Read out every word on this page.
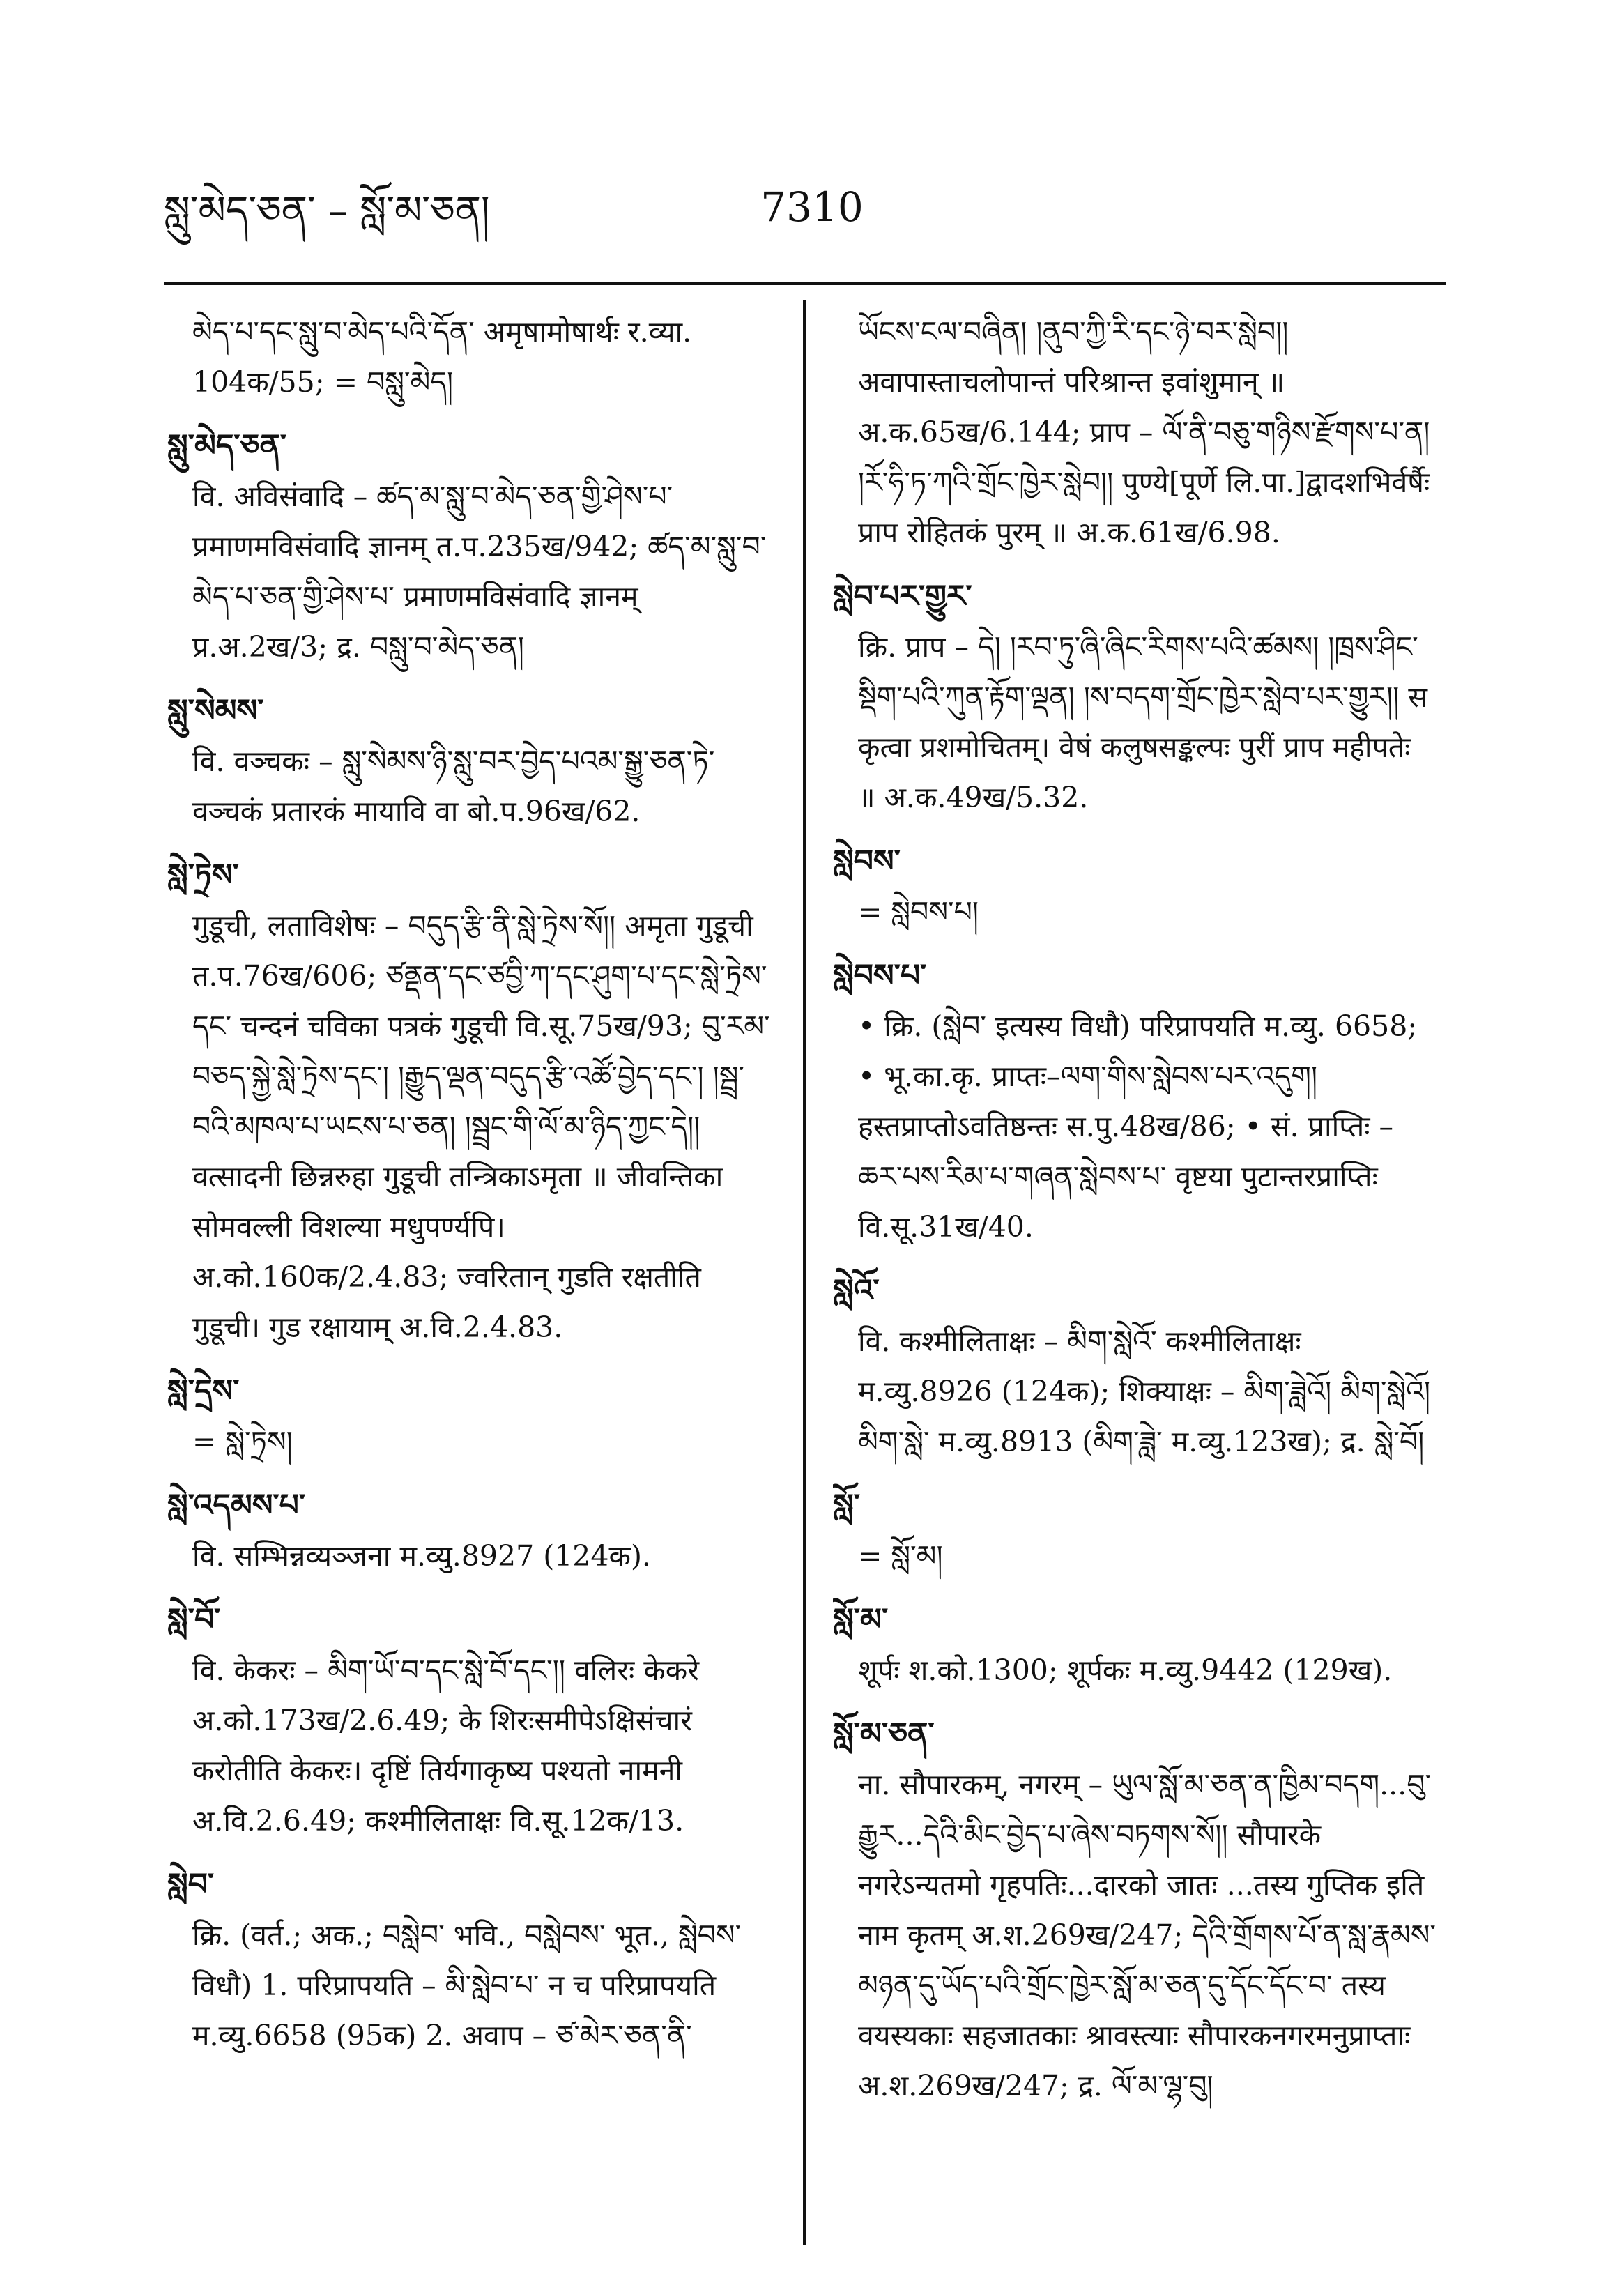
སླུ་མེད་ཅན་ – སློ་མ་ཅན།	7310
མེད་པ་དང་སླུ་བ་མེད་པའི་དོན་ अमृषामोषार्थः र.व्या. 104क/55; = བསླུ་མེད།
སླུ་མེད་ཅན་
वि. अविसंवादि – ཚད་མ་སླུ་བ་མེད་ཅན་གྱི་ཤེས་པ་ प्रमाणमविसंवादि ज्ञानम् त.प.235ख/942; ཚད་མ་སླུ་བ་མེད་པ་ཅན་གྱི་ཤེས་པ་ प्रमाणमविसंवादि ज्ञानम् प्र.अ.2ख/3; द्र. བསླུ་བ་མེད་ཅན།
སླུ་སེམས་
वि. वञ्चकः – སླུ་སེམས་ཉི་སླུ་བར་བྱེད་པའམ་སྒྱུ་ཅན་ཏེ་ वञ्चकं प्रतारकं मायावि वा बो.प.96ख/62.
སླེ་ཏྲེས་
गुडूची, लताविशेषः – བདུད་རྩི་ནི་སླེ་ཏྲེས་སོ།། अमृता गुडूची त.प.76ख/606; ཙནྡན་དང་ཙབྱི་ཀ་དང་ཤུག་པ་དང་སླེ་ཏྲེས་དང་ चन्दनं चविका पत्रकं गुडूची वि.सू.75ख/93; བུ་རམ་བཅད་སྐྱེ་སླེ་ཏྲེས་དང་། །རྒྱུད་ལྡན་བདུད་རྩི་འཚོ་བྱེད་དང་། །སྦྲ་བའི་མཁལ་པ་ཡངས་པ་ཅན། །སྦྲང་གི་ལོ་མ་ཉིད་ཀྱང་དེ།། वत्सादनी छिन्नरुहा गुडूची तन्त्रिकाऽमृता ॥ जीवन्तिका सोमवल्ली विशल्या मधुपर्ण्यपि। अ.को.160क/2.4.83; ज्वरितान् गुडति रक्षतीति गुडूची। गुड रक्षायाम् अ.वि.2.4.83.
སླེ་དྲེས་
= སླེ་ཏྲེས།
སླེ་འདམས་པ་
वि. सम्भिन्नव्यञ्जना म.व्यु.8927 (124क).
སླེ་བོ་
वि. केकरः – མིག་ཡོ་བ་དང་སླེ་བོ་དང་།། वलिरः केकरे अ.को.173ख/2.6.49; के शिरःसमीपेऽक्षिसंचारं करोतीति केकरः। दृष्टिं तिर्यगाकृष्य पश्यतो नामनी अ.वि.2.6.49; कश्मीलिताक्षः वि.सू.12क/13.
སླེབ་
क्रि. (वर्त.; अक.; བསླེབ་ भवि., བསླེབས་ भूत., སླེབས་ विधौ) 1. परिप्रापयति – མི་སླེབ་པ་ न च परिप्रापयति म.व्यु.6658 (95क) 2. अवाप – ཙ་མེར་ཅན་ནི་
ཡོངས་ངལ་བཞིན། །ནུབ་ཀྱི་རི་དང་ཉེ་བར་སླེབ།། अवापास्ताचलोपान्तं परिश्रान्त इवांशुमान् ॥ अ.क.65ख/6.144; प्राप – ལོ་ནི་བཅུ་གཉིས་རྫོགས་པ་ན། །རོ་ཧི་ཏ་ཀའི་གྲོང་ཁྱེར་སླེབ།། पुण्ये[पूर्णे लि.पा.]द्वादशभिर्वर्षैः प्राप रोहितकं पुरम् ॥ अ.क.61ख/6.98.
སླེབ་པར་གྱུར་
क्रि. प्राप – དེ། །རབ་ཏུ་ཞི་ཞིང་རིགས་པའི་ཚམས། །ཁྲས་ཤིང་སྡིག་པའི་ཀུན་རྟོག་ལྡན། །ས་བདག་གྲོང་ཁྱེར་སླེབ་པར་གྱུར།། स कृत्वा प्रशमोचितम्। वेषं कलुषसङ्कल्पः पुरीं प्राप महीपतेः ॥ अ.क.49ख/5.32.
སླེབས་
= སླེབས་པ།
སླེབས་པ་
• क्रि. (སླེབ་ इत्यस्य विधौ) परिप्रापयति म.व्यु. 6658; • भू.का.कृ. प्राप्तः–ལག་གིས་སླེབས་པར་འདུག། हस्तप्राप्तोऽवतिष्ठन्तः स.पु.48ख/86; • सं. प्राप्तिः – ཆར་པས་རིམ་པ་གཞན་སླེབས་པ་ वृष्टया पुटान्तरप्राप्तिः वि.सू.31ख/40.
སླེའོ་
वि. कश्मीलिताक्षः – མིག་སླེའོ་ कश्मीलिताक्षः म.व्यु.8926 (124क); शिक्याक्षः – མིག་ཟླེའོ། མིག་སླེའོ། མིག་སླེ་ म.व्यु.8913 (མིག་ཟླེ་ म.व्यु.123ख); द्र. སླེ་བོ།
སློ་
= སློ་མ།
སློ་མ་
शूर्पः श.को.1300; शूर्पकः म.व्यु.9442 (129ख).
སློ་མ་ཅན་
ना. सौपारकम्, नगरम् – ཡུལ་སློ་མ་ཅན་ན་ཁྱིམ་བདག...བུ་རྒྱུར...དེའི་མིང་བྱེད་པ་ཞེས་བཏགས་སོ།། सौपारके नगरेऽन्यतमो गृहपतिः...दारको जातः ...तस्य गुप्तिक इति नाम कृतम् अ.श.269ख/247; དེའི་གྲོགས་པོ་ན་སླ་རྣམས་མཉན་དུ་ཡོད་པའི་གྲོང་ཁྱེར་སློ་མ་ཅན་དུ་དོང་དོང་བ་ तस्य वयस्यकाः सहजातकाः श्रावस्त्याः सौपारकनगरमनुप्राप्ताः अ.श.269ख/247; द्र. ལོ་མ་ལྷ་བུ།
